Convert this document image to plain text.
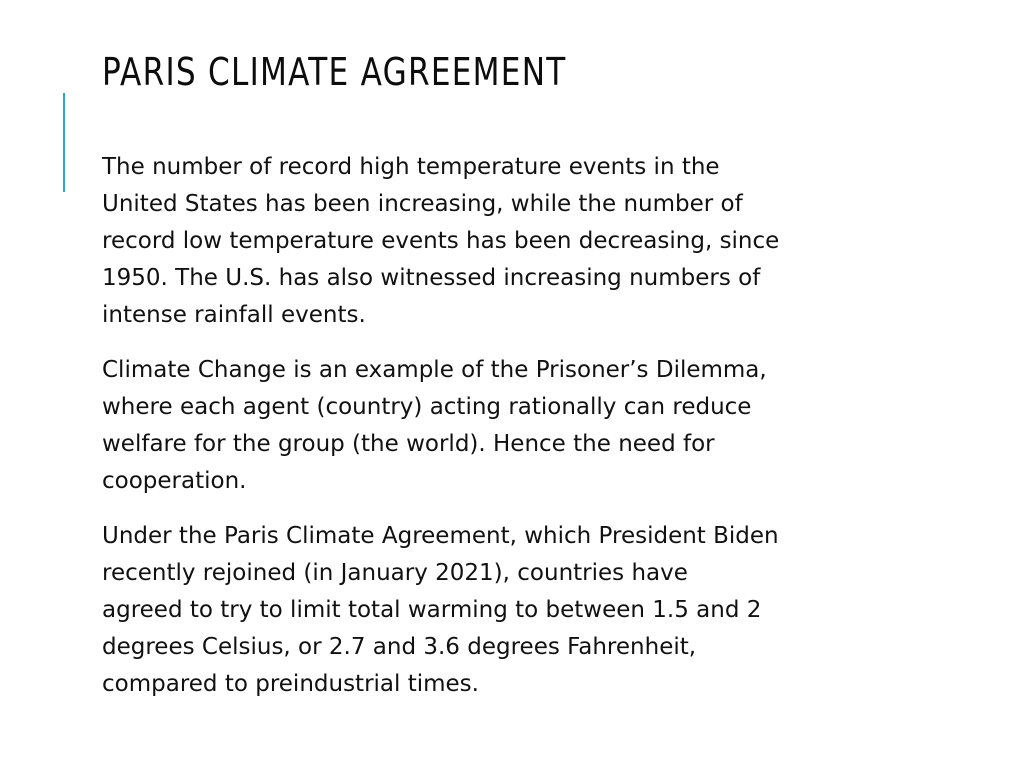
PARIS CLIMATE AGREEMENT

The number of record high temperature events in the
United States has been increasing, while the number of
record low temperature events has been decreasing, since
1950. The U.S. has also witnessed increasing numbers of
intense rainfall events.

Climate Change is an example of the Prisoner’s Dilemma,
where each agent (country) acting rationally can reduce
welfare for the group (the world). Hence the need for
cooperation.

Under the Paris Climate Agreement, which President Biden
recently rejoined (in January 2021), countries have
agreed to try to limit total warming to between 1.5 and 2
degrees Celsius, or 2.7 and 3.6 degrees Fahrenheit,
compared to preindustrial times.
